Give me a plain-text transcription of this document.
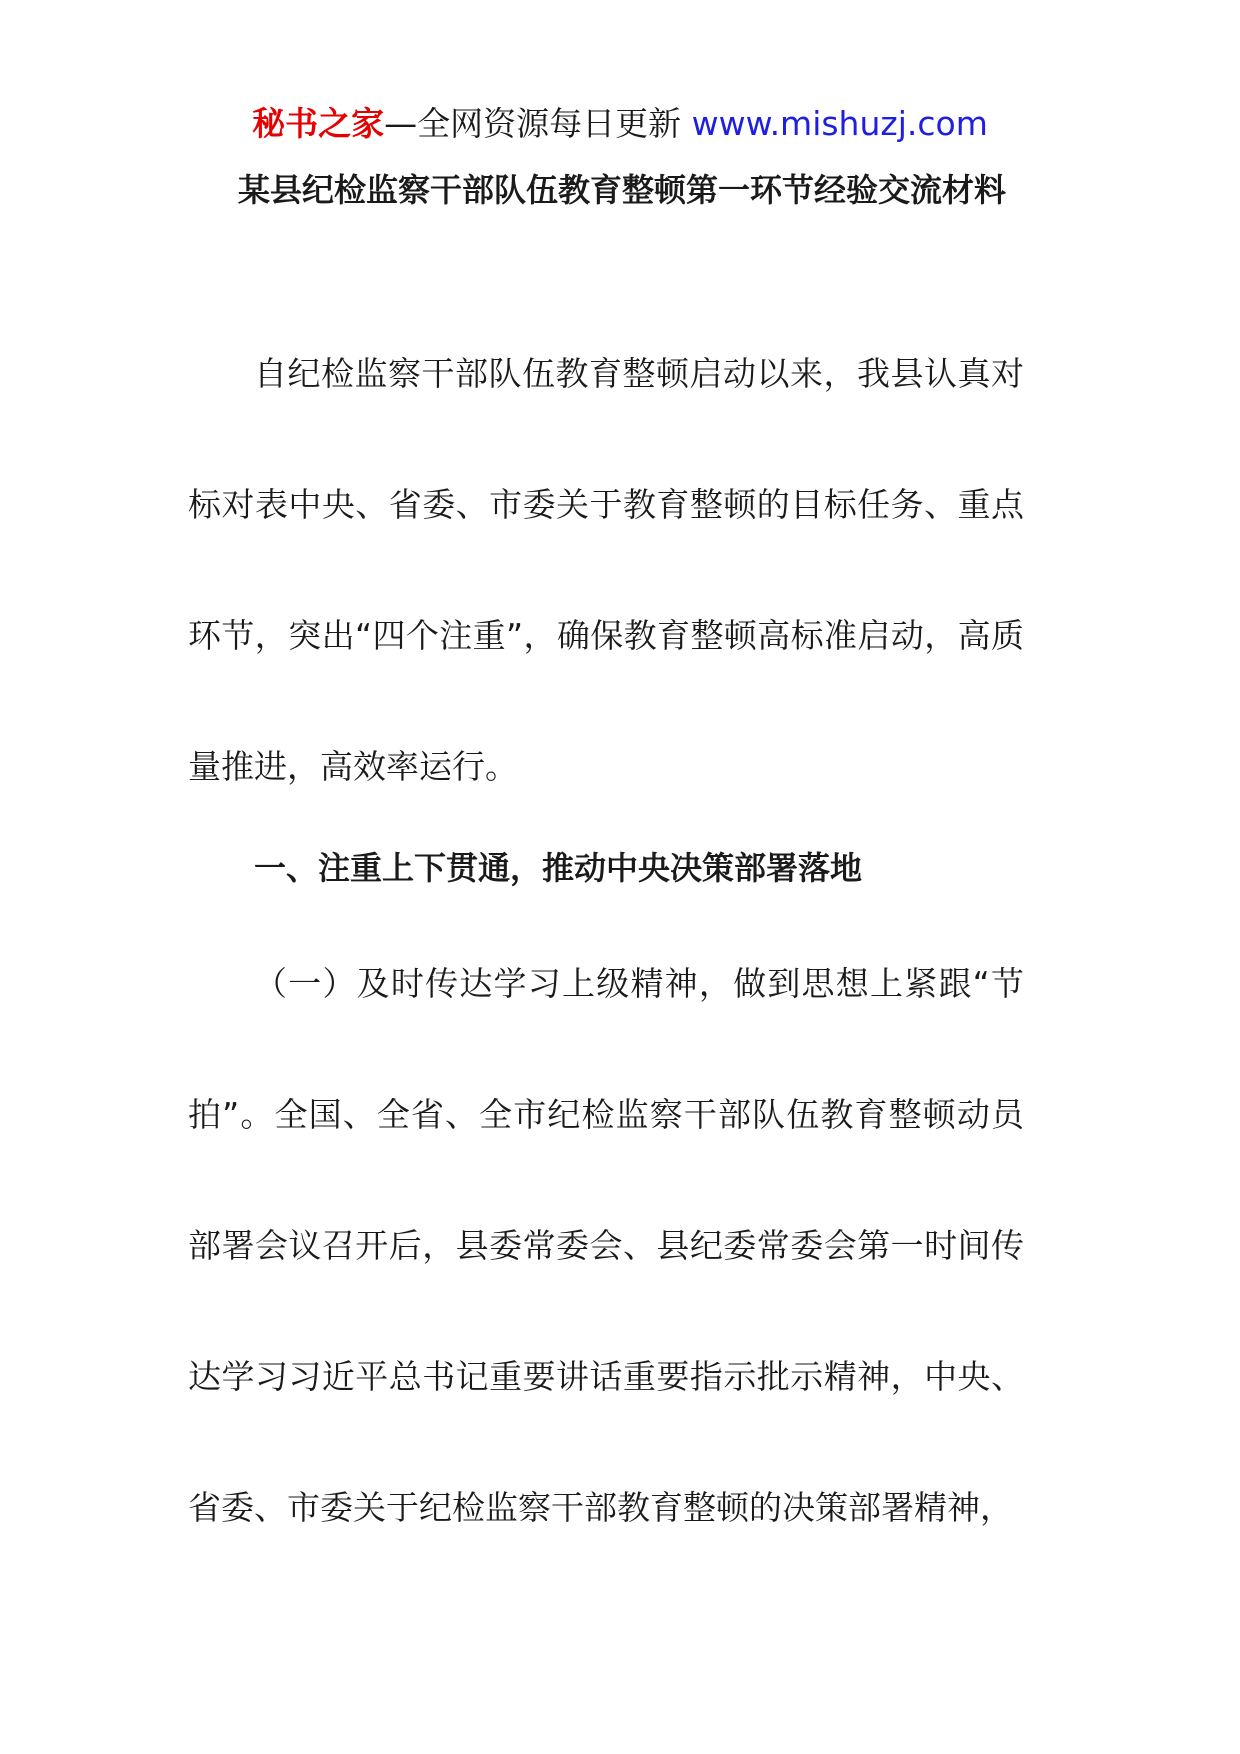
秘书之家—全网资源每日更新 www.mishuzj.com
某县纪检监察干部队伍教育整顿第一环节经验交流材料

自纪检监察干部队伍教育整顿启动以来，我县认真对标对表中央、省委、市委关于教育整顿的目标任务、重点环节，突出“四个注重”，确保教育整顿高标准启动，高质量推进，高效率运行。

一、注重上下贯通，推动中央决策部署落地

（一）及时传达学习上级精神，做到思想上紧跟“节拍”。全国、全省、全市纪检监察干部队伍教育整顿动员部署会议召开后，县委常委会、县纪委常委会第一时间传达学习习近平总书记重要讲话重要指示批示精神，中央、省委、市委关于纪检监察干部教育整顿的决策部署精神，
